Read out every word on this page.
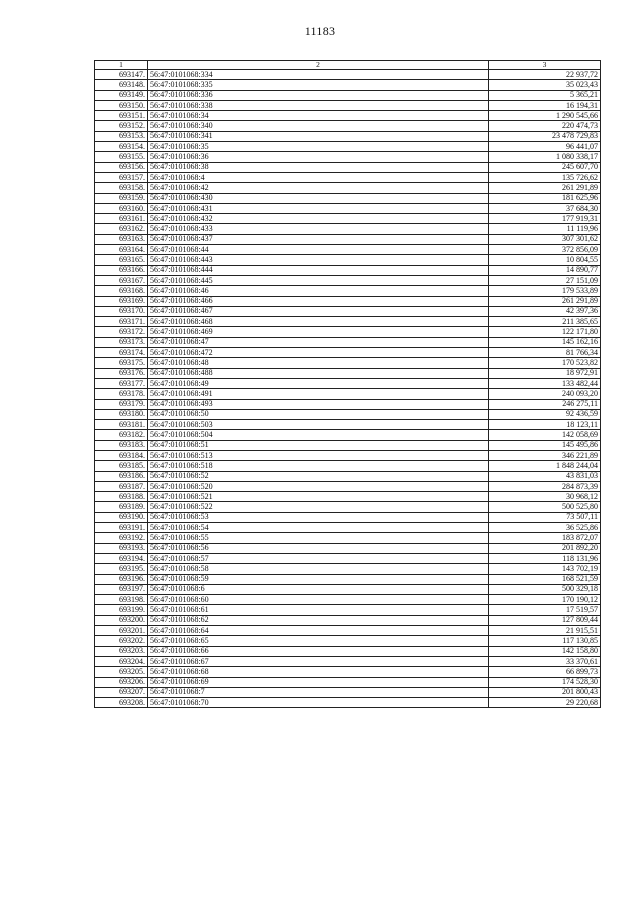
11183
1	2	3
693147.	56:47:0101068:334	22 937,72
693148.	56:47:0101068:335	35 023,43
693149.	56:47:0101068:336	5 365,21
693150.	56:47:0101068:338	16 194,31
693151.	56:47:0101068:34	1 290 545,66
693152.	56:47:0101068:340	220 474,73
693153.	56:47:0101068:341	23 478 729,83
693154.	56:47:0101068:35	96 441,07
693155.	56:47:0101068:36	1 080 338,17
693156.	56:47:0101068:38	245 607,70
693157.	56:47:0101068:4	135 726,62
693158.	56:47:0101068:42	261 291,89
693159.	56:47:0101068:430	181 625,96
693160.	56:47:0101068:431	37 684,30
693161.	56:47:0101068:432	177 919,31
693162.	56:47:0101068:433	11 119,96
693163.	56:47:0101068:437	307 301,62
693164.	56:47:0101068:44	372 856,09
693165.	56:47:0101068:443	10 804,55
693166.	56:47:0101068:444	14 890,77
693167.	56:47:0101068:445	27 151,09
693168.	56:47:0101068:46	179 533,89
693169.	56:47:0101068:466	261 291,89
693170.	56:47:0101068:467	42 397,36
693171.	56:47:0101068:468	211 385,65
693172.	56:47:0101068:469	122 171,80
693173.	56:47:0101068:47	145 162,16
693174.	56:47:0101068:472	81 766,34
693175.	56:47:0101068:48	170 523,82
693176.	56:47:0101068:488	18 972,91
693177.	56:47:0101068:49	133 482,44
693178.	56:47:0101068:491	240 093,20
693179.	56:47:0101068:493	246 275,11
693180.	56:47:0101068:50	92 436,59
693181.	56:47:0101068:503	18 123,11
693182.	56:47:0101068:504	142 058,69
693183.	56:47:0101068:51	145 495,86
693184.	56:47:0101068:513	346 221,89
693185.	56:47:0101068:518	1 848 244,04
693186.	56:47:0101068:52	43 831,03
693187.	56:47:0101068:520	284 873,39
693188.	56:47:0101068:521	30 968,12
693189.	56:47:0101068:522	500 525,80
693190.	56:47:0101068:53	73 507,11
693191.	56:47:0101068:54	36 525,86
693192.	56:47:0101068:55	183 872,07
693193.	56:47:0101068:56	201 892,20
693194.	56:47:0101068:57	118 131,96
693195.	56:47:0101068:58	143 702,19
693196.	56:47:0101068:59	168 521,59
693197.	56:47:0101068:6	500 329,18
693198.	56:47:0101068:60	170 190,12
693199.	56:47:0101068:61	17 519,57
693200.	56:47:0101068:62	127 809,44
693201.	56:47:0101068:64	21 915,51
693202.	56:47:0101068:65	117 130,85
693203.	56:47:0101068:66	142 158,80
693204.	56:47:0101068:67	33 370,61
693205.	56:47:0101068:68	66 899,73
693206.	56:47:0101068:69	174 528,30
693207.	56:47:0101068:7	201 800,43
693208.	56:47:0101068:70	29 220,68
